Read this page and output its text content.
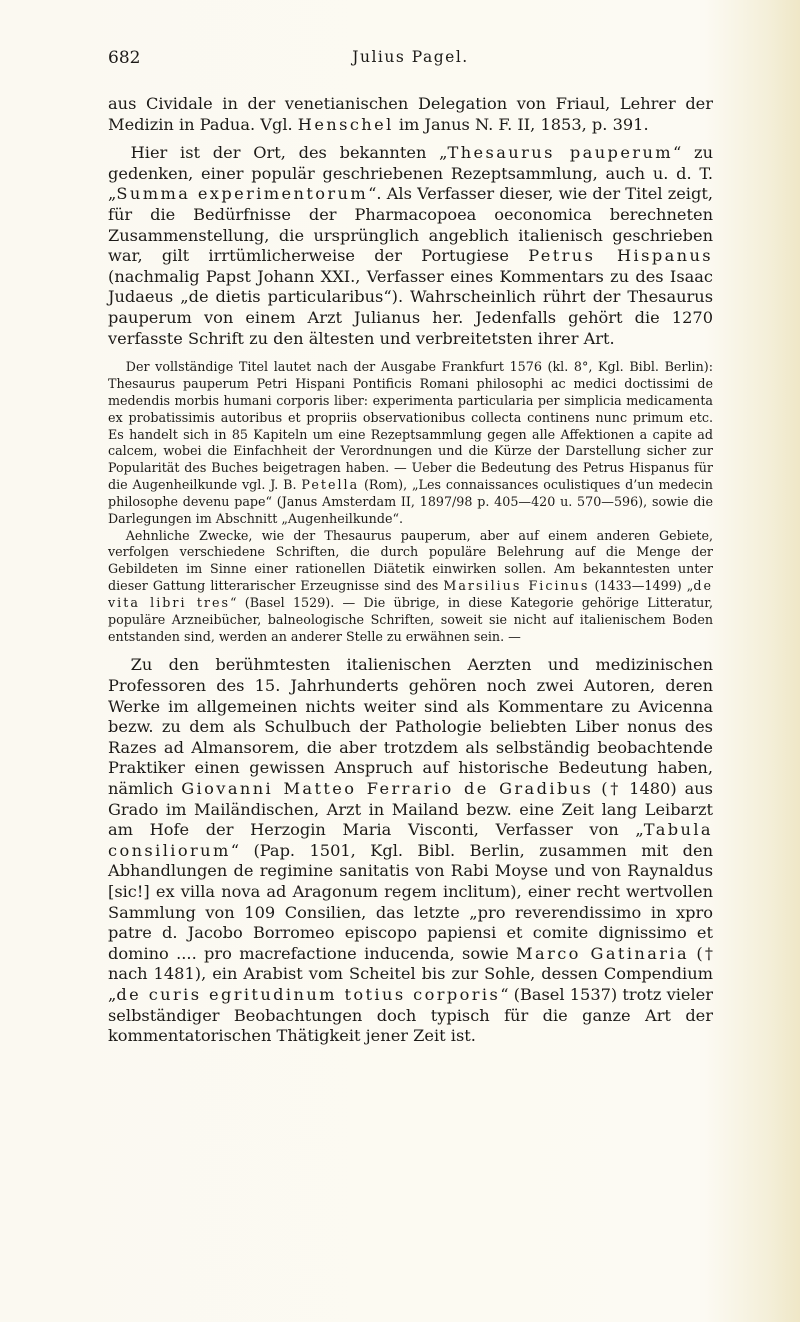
682	Julius Pagel.

aus Cividale in der venetianischen Delegation von Friaul, Lehrer der Medizin in Padua. Vgl. Henschel im Janus N. F. II, 1853, p. 391.

Hier ist der Ort, des bekannten „Thesaurus pauperum“ zu gedenken, einer populär geschriebenen Rezeptsammlung, auch u. d. T. „Summa experimentorum“. Als Verfasser dieser, wie der Titel zeigt, für die Bedürfnisse der Pharmacopoea oeconomica berechneten Zusammenstellung, die ursprünglich angeblich italienisch geschrieben war, gilt irrtümlicherweise der Portugiese Petrus Hispanus (nachmalig Papst Johann XXI., Verfasser eines Kommentars zu des Isaac Judaeus „de dietis particularibus“). Wahrscheinlich rührt der Thesaurus pauperum von einem Arzt Julianus her. Jedenfalls gehört die 1270 verfasste Schrift zu den ältesten und verbreitetsten ihrer Art.

Der vollständige Titel lautet nach der Ausgabe Frankfurt 1576 (kl. 8°, Kgl. Bibl. Berlin): Thesaurus pauperum Petri Hispani Pontificis Romani philosophi ac medici doctissimi de medendis morbis humani corporis liber: experimenta particularia per simplicia medicamenta ex probatissimis autoribus et propriis observationibus collecta continens nunc primum etc. Es handelt sich in 85 Kapiteln um eine Rezeptsammlung gegen alle Affektionen a capite ad calcem, wobei die Einfachheit der Verordnungen und die Kürze der Darstellung sicher zur Popularität des Buches beigetragen haben. — Ueber die Bedeutung des Petrus Hispanus für die Augenheilkunde vgl. J. B. Petella (Rom), „Les connaissances oculistiques d’un medecin philosophe devenu pape“ (Janus Amsterdam II, 1897/98 p. 405—420 u. 570—596), sowie die Darlegungen im Abschnitt „Augenheilkunde“.

Aehnliche Zwecke, wie der Thesaurus pauperum, aber auf einem anderen Gebiete, verfolgen verschiedene Schriften, die durch populäre Belehrung auf die Menge der Gebildeten im Sinne einer rationellen Diätetik einwirken sollen. Am bekanntesten unter dieser Gattung litterarischer Erzeugnisse sind des Marsilius Ficinus (1433—1499) „de vita libri tres“ (Basel 1529). — Die übrige, in diese Kategorie gehörige Litteratur, populäre Arzneibücher, balneologische Schriften, soweit sie nicht auf italienischem Boden entstanden sind, werden an anderer Stelle zu erwähnen sein. —

Zu den berühmtesten italienischen Aerzten und medizinischen Professoren des 15. Jahrhunderts gehören noch zwei Autoren, deren Werke im allgemeinen nichts weiter sind als Kommentare zu Avicenna bezw. zu dem als Schulbuch der Pathologie beliebten Liber nonus des Razes ad Almansorem, die aber trotzdem als selbständig beobachtende Praktiker einen gewissen Anspruch auf historische Bedeutung haben, nämlich Giovanni Matteo Ferrario de Gradibus († 1480) aus Grado im Mailändischen, Arzt in Mailand bezw. eine Zeit lang Leibarzt am Hofe der Herzogin Maria Visconti, Verfasser von „Tabula consiliorum“ (Pap. 1501, Kgl. Bibl. Berlin, zusammen mit den Abhandlungen de regimine sanitatis von Rabi Moyse und von Raynaldus [sic!] ex villa nova ad Aragonum regem inclitum), einer recht wertvollen Sammlung von 109 Consilien, das letzte „pro reverendissimo in xpro patre d. Jacobo Borromeo episcopo papiensi et comite dignissimo et domino .... pro macrefactione inducenda, sowie Marco Gatinaria († nach 1481), ein Arabist vom Scheitel bis zur Sohle, dessen Compendium „de curis egritudinum totius corporis“ (Basel 1537) trotz vieler selbständiger Beobachtungen doch typisch für die ganze Art der kommentatorischen Thätigkeit jener Zeit ist.
